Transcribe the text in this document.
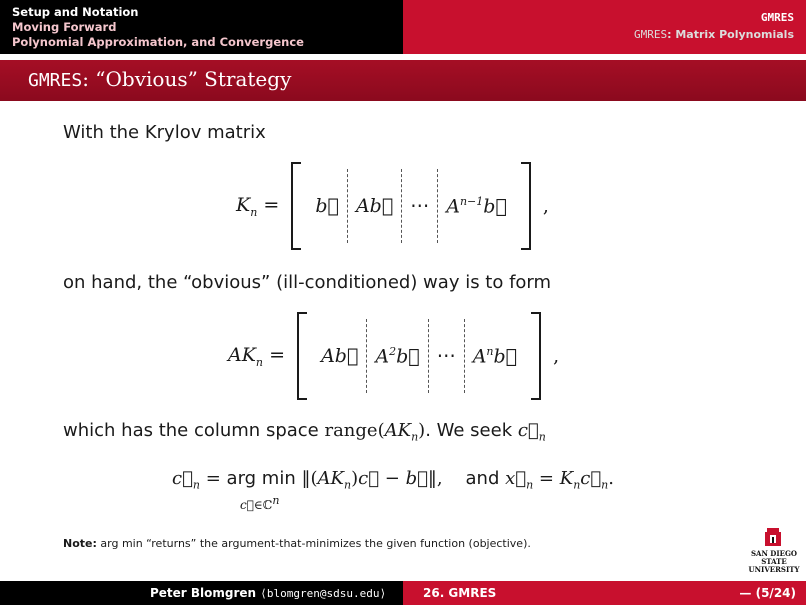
GMRES
GMRES: Matrix Polynomials
Setup and Notation
Moving Forward
Polynomial Approximation, and Convergence
GMRES: “Obvious” Strategy
With the Krylov matrix
$K_n$ =	b⃗ Ab⃗ ⋯ $A^{n-1}b⃗$	,
on hand, the “obvious” (ill-conditioned) way is to form
$AK_n$ =	Ab⃗ $A^2b⃗$ ⋯ $A^nb⃗$	,
which has the column space $range(AK_n)$. We seek $c⃗_n$
$c⃗_n$ = arg $\min ‖(AK_n)c⃗$ − b⃗‖, and $x⃗_n$ = $K_nc⃗_n$.
c⃗∈ℂ$^n$
Note: arg min “returns” the argument-that-minimizes the given function (objective).
SAN DIEGO STATE
UNIVERSITY
Peter Blomgren ⟨blomgren@sdsu.edu⟩	26. GMRES	— (5/24)
